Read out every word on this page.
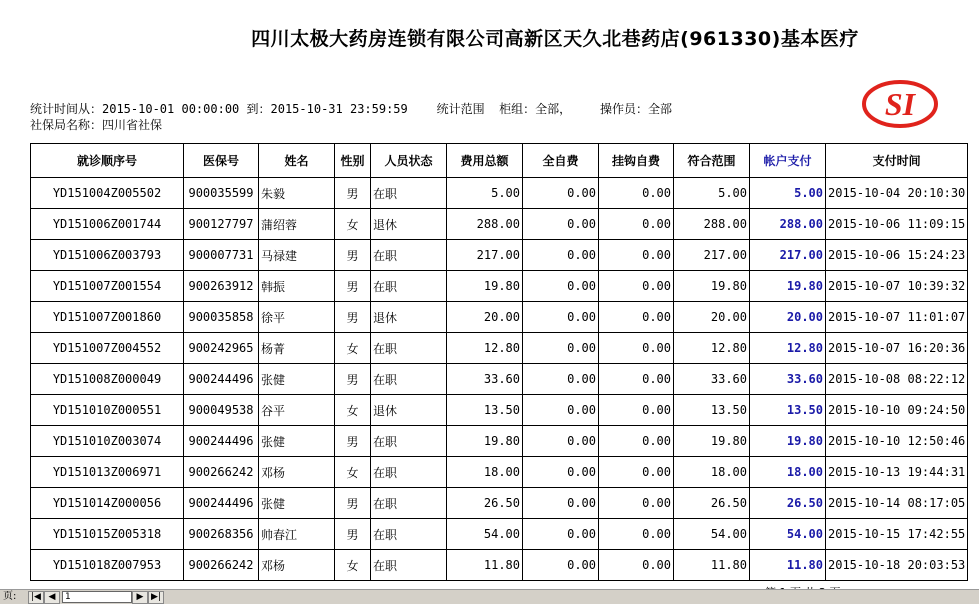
四川太极大药房连锁有限公司高新区天久北巷药店(961330)基本医疗
SI
统计时间从：2015-10-01 00:00:00 到：2015-10-31 23:59:59    统计范围  柜组：全部，    操作员：全部
社保局名称：四川省社保
就诊顺序号	医保号	姓名	性别	人员状态	费用总额	全自费	挂钩自费	符合范围	帐户支付	支付时间
YD151004Z005502	900035599	朱毅	男	在职	5.00	0.00	0.00	5.00	5.00	2015-10-04 20:10:30
YD151006Z001744	900127797	蒲绍蓉	女	退休	288.00	0.00	0.00	288.00	288.00	2015-10-06 11:09:15
YD151006Z003793	900007731	马禄建	男	在职	217.00	0.00	0.00	217.00	217.00	2015-10-06 15:24:23
YD151007Z001554	900263912	韩振	男	在职	19.80	0.00	0.00	19.80	19.80	2015-10-07 10:39:32
YD151007Z001860	900035858	徐平	男	退休	20.00	0.00	0.00	20.00	20.00	2015-10-07 11:01:07
YD151007Z004552	900242965	杨菁	女	在职	12.80	0.00	0.00	12.80	12.80	2015-10-07 16:20:36
YD151008Z000049	900244496	张健	男	在职	33.60	0.00	0.00	33.60	33.60	2015-10-08 08:22:12
YD151010Z000551	900049538	谷平	女	退休	13.50	0.00	0.00	13.50	13.50	2015-10-10 09:24:50
YD151010Z003074	900244496	张健	男	在职	19.80	0.00	0.00	19.80	19.80	2015-10-10 12:50:46
YD151013Z006971	900266242	邓杨	女	在职	18.00	0.00	0.00	18.00	18.00	2015-10-13 19:44:31
YD151014Z000056	900244496	张健	男	在职	26.50	0.00	0.00	26.50	26.50	2015-10-14 08:17:05
YD151015Z005318	900268356	帅春江	男	在职	54.00	0.00	0.00	54.00	54.00	2015-10-15 17:42:55
YD151018Z007953	900266242	邓杨	女	在职	11.80	0.00	0.00	11.80	11.80	2015-10-18 20:03:53
页:	|◀ ◀	1	▶ ▶|
